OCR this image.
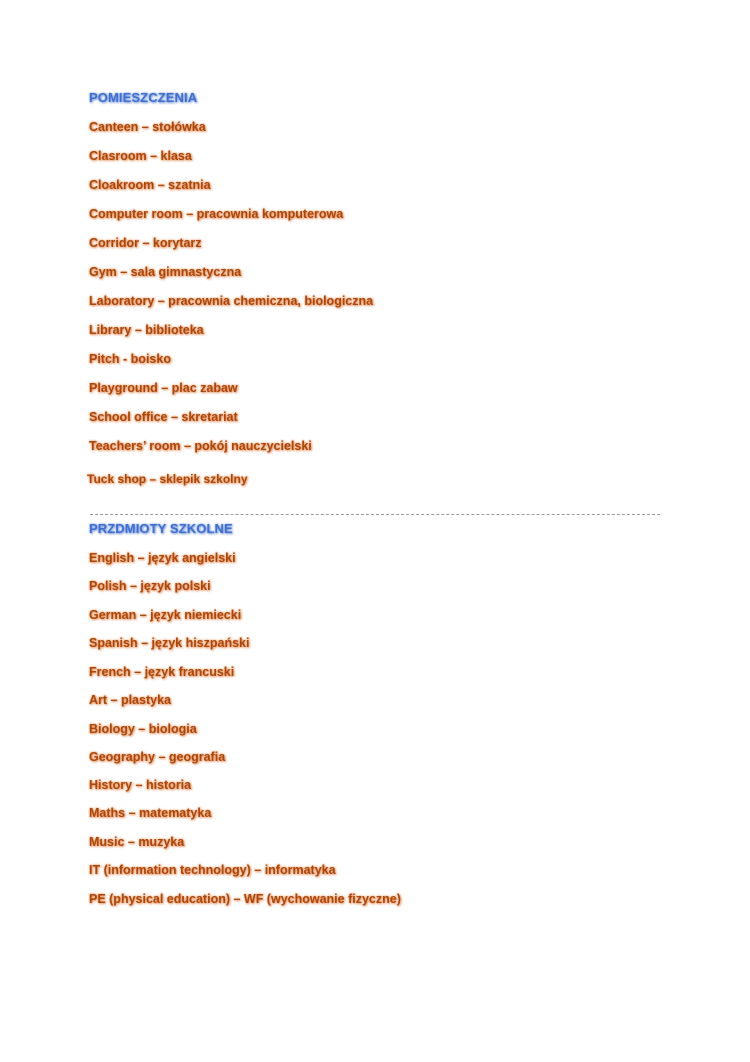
POMIESZCZENIA

Canteen – stołówka

Clasroom – klasa

Cloakroom – szatnia

Computer room – pracownia komputerowa

Corridor – korytarz

Gym – sala gimnastyczna

Laboratory – pracownia chemiczna, biologiczna

Library – biblioteka

Pitch - boisko

Playground – plac zabaw

School office – skretariat

Teachers’ room – pokój nauczycielski

Tuck shop – sklepik szkolny

PRZDMIOTY SZKOLNE

English – język angielski

Polish – język polski

German – język niemiecki

Spanish – język hiszpański

French – język francuski

Art – plastyka

Biology – biologia

Geography – geografia

History – historia

Maths – matematyka

Music – muzyka

IT (information technology) – informatyka

PE (physical education) – WF (wychowanie fizyczne)
